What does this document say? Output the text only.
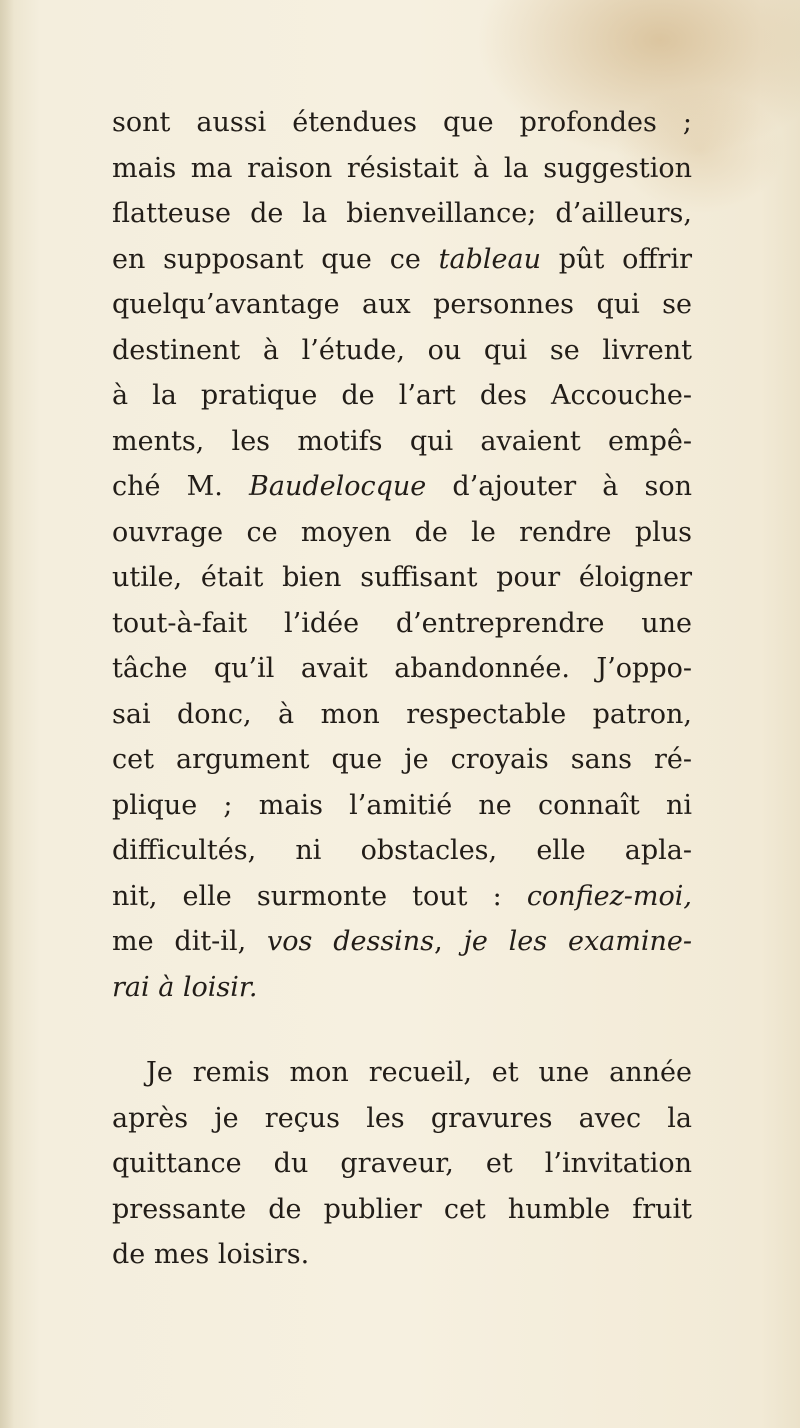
sont aussi étendues que profondes ;
mais ma raison résistait à la suggestion
flatteuse de la bienveillance; d’ailleurs,
en supposant que ce tableau pût offrir
quelqu’avantage aux personnes qui se
destinent à l’étude, ou qui se livrent
à la pratique de l’art des Accouche-
ments, les motifs qui avaient empê-
ché M. Baudelocque d’ajouter à son
ouvrage ce moyen de le rendre plus
utile, était bien suffisant pour éloigner
tout-à-fait l’idée d’entreprendre une
tâche qu’il avait abandonnée. J’oppo-
sai donc, à mon respectable patron,
cet argument que je croyais sans ré-
plique ; mais l’amitié ne connaît ni
difficultés, ni obstacles, elle apla-
nit, elle surmonte tout : confiez-moi,
me dit-il, vos dessins, je les examine-
rai à loisir.
Je remis mon recueil, et une année
après je reçus les gravures avec la
quittance du graveur, et l’invitation
pressante de publier cet humble fruit
de mes loisirs.
